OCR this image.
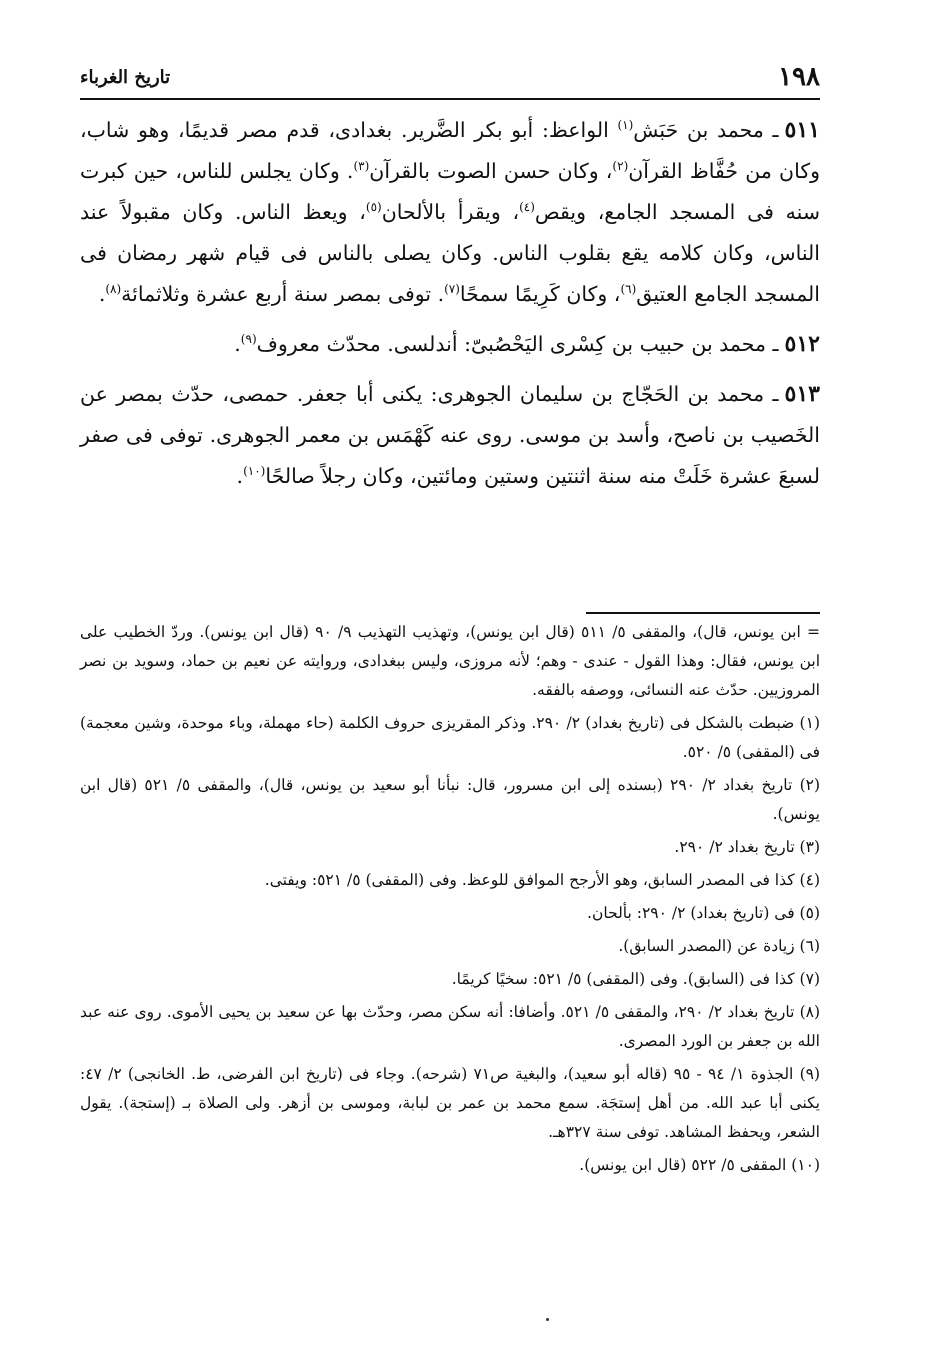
١٩٨
تاريخ الغرباء

٥١١ـ محمد بن حَبَش$^{(١)}$ الواعظ: أبو بكر الضَّرير. بغدادى، قدم مصر قديمًا، وهو شاب، وكان من حُفَّاظ القرآن$^{(٢)}$، وكان حسن الصوت بالقرآن$^{(٣)}$. وكان يجلس للناس، حين كبرت سنه فى المسجد الجامع، ويقص$^{(٤)}$، ويقرأ بالألحان$^{(٥)}$، ويعظ الناس. وكان مقبولاً عند الناس، وكان كلامه يقع بقلوب الناس. وكان يصلى بالناس فى قيام شهر رمضان فى المسجد الجامع العتيق$^{(٦)}$، وكان كَرِيمًا سمحًا$^{(٧)}$. توفى بمصر سنة أربع عشرة وثلاثمائة$^{(٨)}$.

٥١٢ـ محمد بن حبيب بن كِسْرى اليَحْصُبىّ: أندلسى. محدّث معروف$^{(٩)}$.

٥١٣ـ محمد بن الحَجّاج بن سليمان الجوهرى: يكنى أبا جعفر. حمصى، حدّث بمصر عن الخَصيب بن ناصح، وأسد بن موسى. روى عنه كَهْمَس بن معمر الجوهرى. توفى فى صفر لسبعَ عشرة خَلَتْ منه سنة اثنتين وستين ومائتين، وكان رجلاً صالحًا$^{(١٠)}$.

= ابن يونس، قال)، والمقفى ٥/ ٥١١ (قال ابن يونس)، وتهذيب التهذيب ٩/ ٩٠ (قال ابن يونس). وردّ الخطيب على ابن يونس، فقال: وهذا القول - عندى - وهم؛ لأنه مروزى، وليس ببغدادى، وروايته عن نعيم بن حماد، وسويد بن نصر المروزيين. حدّث عنه النسائى، ووصفه بالفقه.

(١) ضبطت بالشكل فى (تاريخ بغداد) ٢/ ٢٩٠. وذكر المقريزى حروف الكلمة (حاء مهملة، وباء موحدة، وشين معجمة) فى (المقفى) ٥/ ٥٢٠.

(٢) تاريخ بغداد ٢/ ٢٩٠ (بسنده إلى ابن مسرور، قال: نبأنا أبو سعيد بن يونس، قال)، والمقفى ٥/ ٥٢١ (قال ابن يونس).

(٣) تاريخ بغداد ٢/ ٢٩٠.

(٤) كذا فى المصدر السابق، وهو الأرجح الموافق للوعظ. وفى (المقفى) ٥/ ٥٢١: ويفتى.

(٥) فى (تاريخ بغداد) ٢/ ٢٩٠: بألحان.

(٦) زيادة عن (المصدر السابق).

(٧) كذا فى (السابق). وفى (المقفى) ٥/ ٥٢١: سخيًا كريمًا.

(٨) تاريخ بغداد ٢/ ٢٩٠، والمقفى ٥/ ٥٢١. وأضافا: أنه سكن مصر، وحدّث بها عن سعيد بن يحيى الأموى. روى عنه عبد الله بن جعفر بن الورد المصرى.

(٩) الجذوة ١/ ٩٤ - ٩٥ (قاله أبو سعيد)، والبغية ص٧١ (شرحه). وجاء فى (تاريخ ابن الفرضى، ط. الخانجى) ٢/ ٤٧: يكنى أبا عبد الله. من أهل إستجَة. سمع محمد بن عمر بن لبابة، وموسى بن أزهر. ولى الصلاة بـ (إستجة). يقول الشعر، ويحفظ المشاهد. توفى سنة ٣٢٧هـ.

(١٠) المقفى ٥/ ٥٢٢ (قال ابن يونس).
